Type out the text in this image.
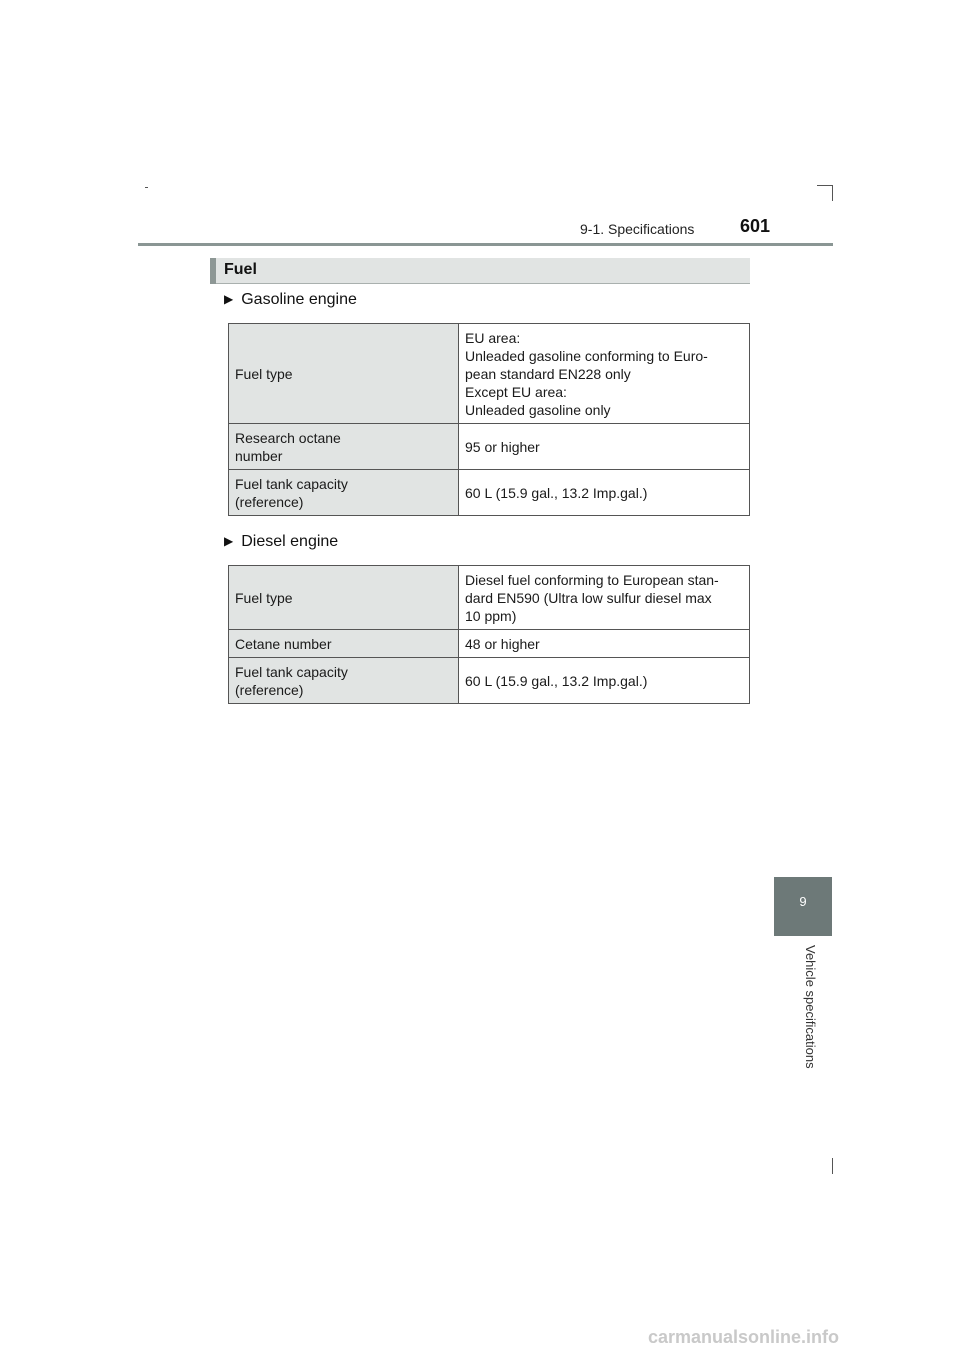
9-1. Specifications	601
Fuel
▶ Gasoline engine
Fuel type	EU area:
Unleaded gasoline conforming to Euro-
pean standard EN228 only
Except EU area:
Unleaded gasoline only

Research octane
number	95 or higher

Fuel tank capacity
(reference)	60 L (15.9 gal., 13.2 Imp.gal.)
▶ Diesel engine
Fuel type	Diesel fuel conforming to European stan-
dard EN590 (Ultra low sulfur diesel max
10 ppm)

Cetane number	48 or higher

Fuel tank capacity
(reference)	60 L (15.9 gal., 13.2 Imp.gal.)
9
Vehicle specifications
carmanualsonline.info
